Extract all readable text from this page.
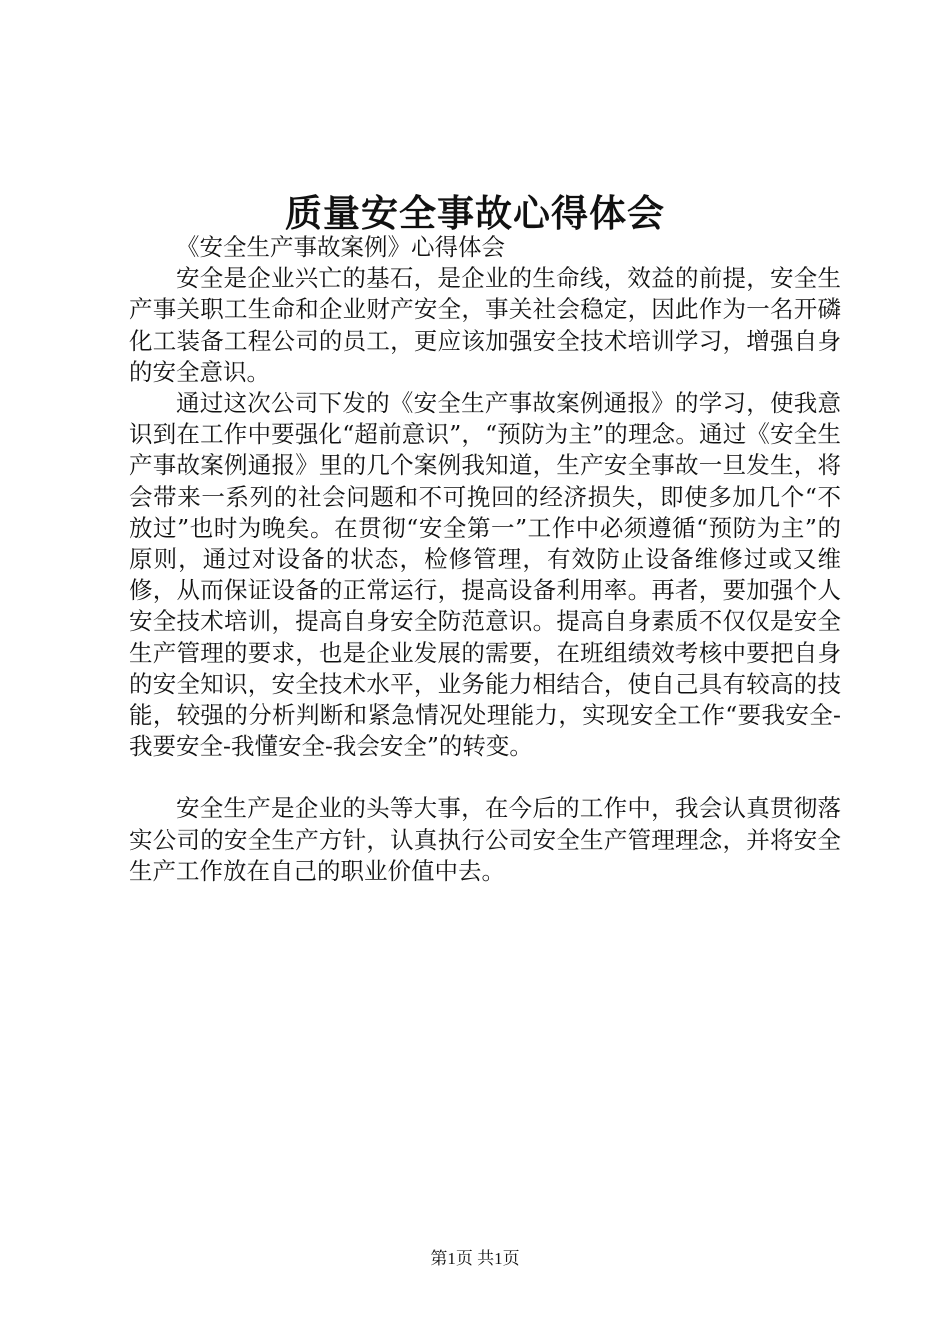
质量安全事故心得体会

《安全生产事故案例》心得体会

安全是企业兴亡的基石，是企业的生命线，效益的前提，安全生产事关职工生命和企业财产安全，事关社会稳定，因此作为一名开磷化工装备工程公司的员工，更应该加强安全技术培训学习，增强自身的安全意识。

通过这次公司下发的《安全生产事故案例通报》的学习，使我意识到在工作中要强化“超前意识”，“预防为主”的理念。通过《安全生产事故案例通报》里的几个案例我知道，生产安全事故一旦发生，将会带来一系列的社会问题和不可挽回的经济损失，即使多加几个“不放过”也时为晚矣。在贯彻“安全第一”工作中必须遵循“预防为主”的原则，通过对设备的状态，检修管理，有效防止设备维修过或又维修，从而保证设备的正常运行，提高设备利用率。再者，要加强个人安全技术培训，提高自身安全防范意识。提高自身素质不仅仅是安全生产管理的要求，也是企业发展的需要，在班组绩效考核中要把自身的安全知识，安全技术水平，业务能力相结合，使自己具有较高的技能，较强的分析判断和紧急情况处理能力，实现安全工作“要我安全-我要安全-我懂安全-我会安全”的转变。

安全生产是企业的头等大事，在今后的工作中，我会认真贯彻落实公司的安全生产方针，认真执行公司安全生产管理理念，并将安全生产工作放在自己的职业价值中去。

第1页 共1页
